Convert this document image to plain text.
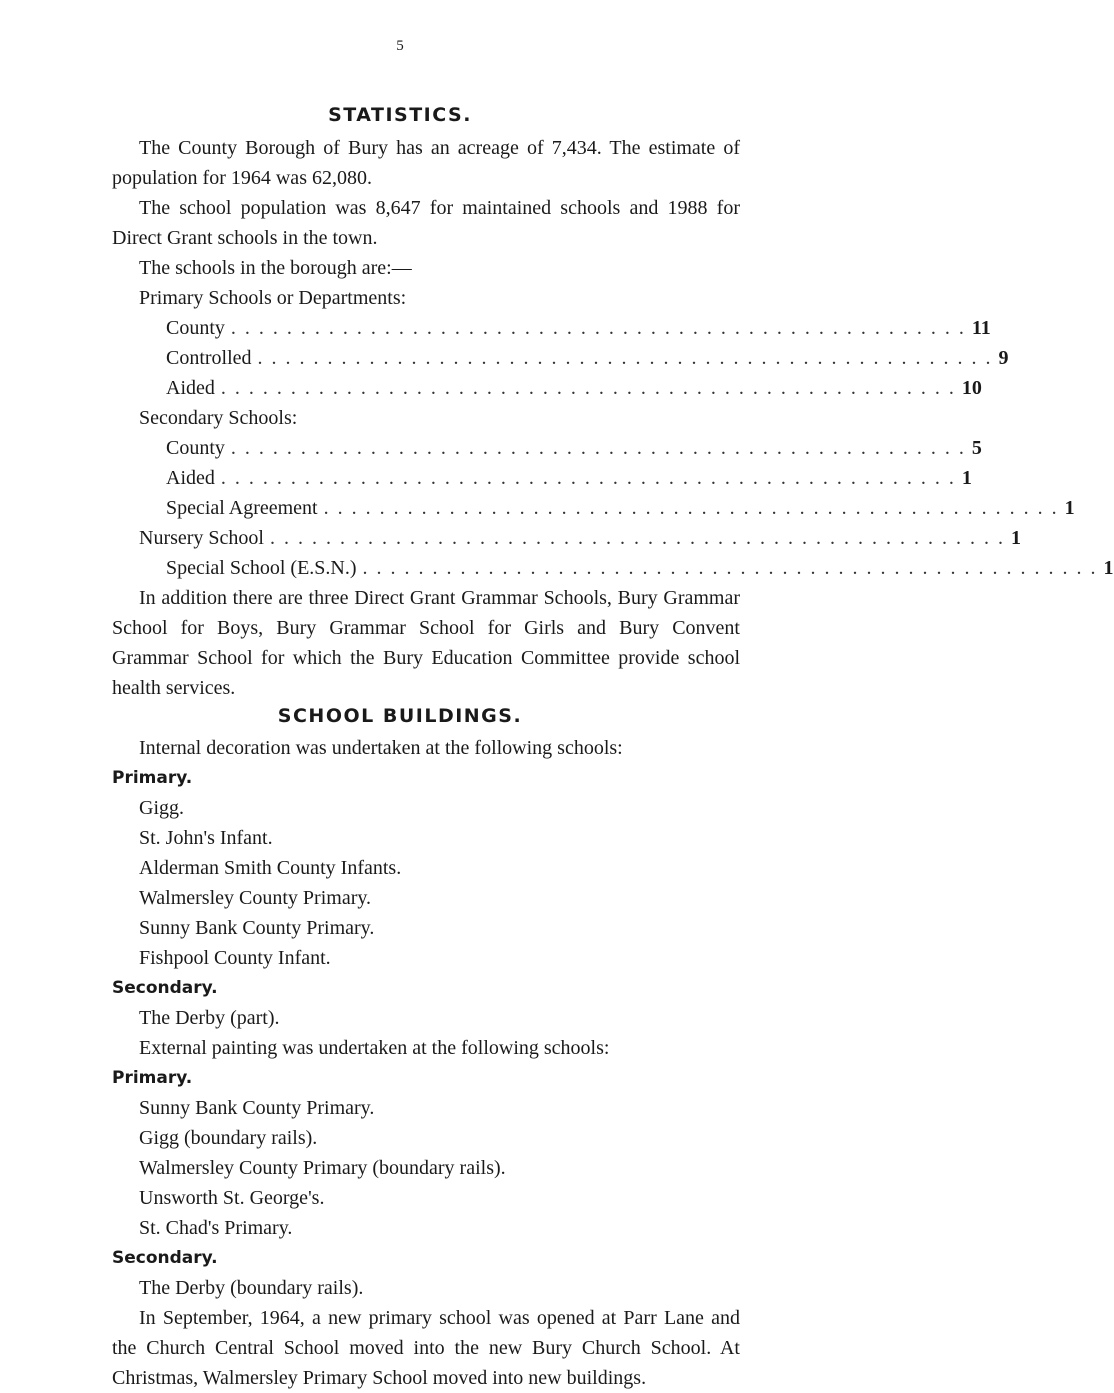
5
STATISTICS.

The County Borough of Bury has an acreage of 7,434. The estimate of population for 1964 was 62,080.

The school population was 8,647 for maintained schools and 1988 for Direct Grant schools in the town.

The schools in the borough are:—
Primary Schools or Departments:
County . . . . . . . . . . . . . . . . . . . . . . . . . . . . . . . . . . . . . . . . . . . . . . . . . . . . . 11
Controlled . . . . . . . . . . . . . . . . . . . . . . . . . . . . . . . . . . . . . . . . . . . . . . . . . . . . . 9
Aided . . . . . . . . . . . . . . . . . . . . . . . . . . . . . . . . . . . . . . . . . . . . . . . . . . . . . 10
Secondary Schools:
County . . . . . . . . . . . . . . . . . . . . . . . . . . . . . . . . . . . . . . . . . . . . . . . . . . . . . 5
Aided . . . . . . . . . . . . . . . . . . . . . . . . . . . . . . . . . . . . . . . . . . . . . . . . . . . . . 1
Special Agreement . . . . . . . . . . . . . . . . . . . . . . . . . . . . . . . . . . . . . . . . . . . . . . . . . . . . . 1
Nursery School . . . . . . . . . . . . . . . . . . . . . . . . . . . . . . . . . . . . . . . . . . . . . . . . . . . . . 1
Special School (E.S.N.) . . . . . . . . . . . . . . . . . . . . . . . . . . . . . . . . . . . . . . . . . . . . . . . . . . . . . 1

In addition there are three Direct Grant Grammar Schools, Bury Grammar School for Boys, Bury Grammar School for Girls and Bury Convent Grammar School for which the Bury Education Committee provide school health services.

SCHOOL BUILDINGS.
Internal decoration was undertaken at the following schools:
Primary.
Gigg.
St. John's Infant.
Alderman Smith County Infants.
Walmersley County Primary.
Sunny Bank County Primary.
Fishpool County Infant.
Secondary.
The Derby (part).
External painting was undertaken at the following schools:
Primary.
Sunny Bank County Primary.
Gigg (boundary rails).
Walmersley County Primary (boundary rails).
Unsworth St. George's.
St. Chad's Primary.
Secondary.
The Derby (boundary rails).

In September, 1964, a new primary school was opened at Parr Lane and the Church Central School moved into the new Bury Church School. At Christmas, Walmersley Primary School moved into new buildings.
